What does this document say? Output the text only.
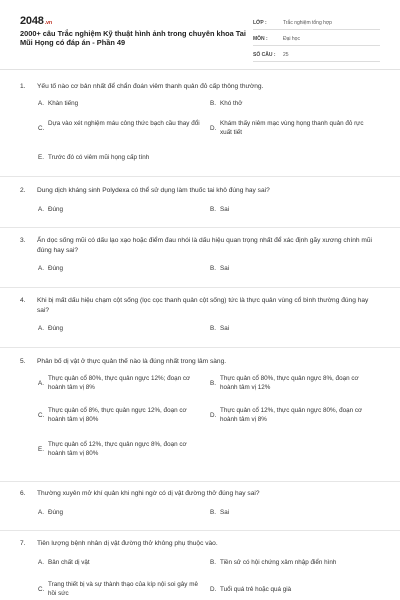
2048.vn
2000+ câu Trắc nghiệm Kỹ thuật hình ảnh trong chuyên khoa Tai Mũi Họng có đáp án - Phần 49
LỚP :	Trắc nghiệm tổng hợp
MÔN :	Đại học
SỐ CÂU :	25
1. Yếu tố nào cơ bản nhất để chẩn đoán viêm thanh quản đỏ cấp thông thường.
A. Khàn tiếng	B. Khó thở
C.
Dựa vào xét nghiệm máu công thức bạch cầu thay đổi
D.
Khám thấy niêm mạc vùng họng thanh quản đỏ rực xuất tiết
E. Trước đó có viêm mũi họng cấp tính
2. Dung dịch kháng sinh Polydexa có thể sử dụng làm thuốc tai khô đúng hay sai?
A. Đúng	B. Sai
3. Ấn dọc sống mũi có dấu lạo xạo hoặc điểm đau nhói là dấu hiệu quan trọng nhất để xác định gãy xương chính mũi đúng hay sai?
A. Đúng	B. Sai
4. Khi bị mất dấu hiệu chạm cột sống (lọc cọc thanh quản cột sống) tức là thực quản vùng cổ bình thường đúng hay sai?
A. Đúng	B. Sai
5. Phân bố dị vật ở thực quản thế nào là đúng nhất trong lâm sàng.
A.
Thực quản cổ 80%, thực quản ngực 12%; đoạn cơ hoành tâm vị 8%
B.
Thực quản cổ 80%, thực quản ngực 8%, đoạn cơ hoành tâm vị 12%
C.
Thực quản cổ 8%, thực quản ngực 12%, đoạn cơ hoành tâm vị 80%
D.
Thực quản cổ 12%, thực quản ngực 80%, đoạn cơ hoành tâm vị 8%
E.
Thực quản cổ 12%, thực quản ngực 8%, đoạn cơ hoành tâm vị 80%
6. Thường xuyên mở khí quản khi nghi ngờ có dị vật đường thở đúng hay sai?
A. Đúng	B. Sai
7. Tiên lượng bệnh nhân dị vật đường thở không phụ thuộc vào.
A. Bản chất dị vật	B. Tiền sử có hội chứng xâm nhập điển hình
C.
Trang thiết bị và sự thành thạo của kíp nội soi gây mê hồi sức
D. Tuổi quá trẻ hoặc quá già
